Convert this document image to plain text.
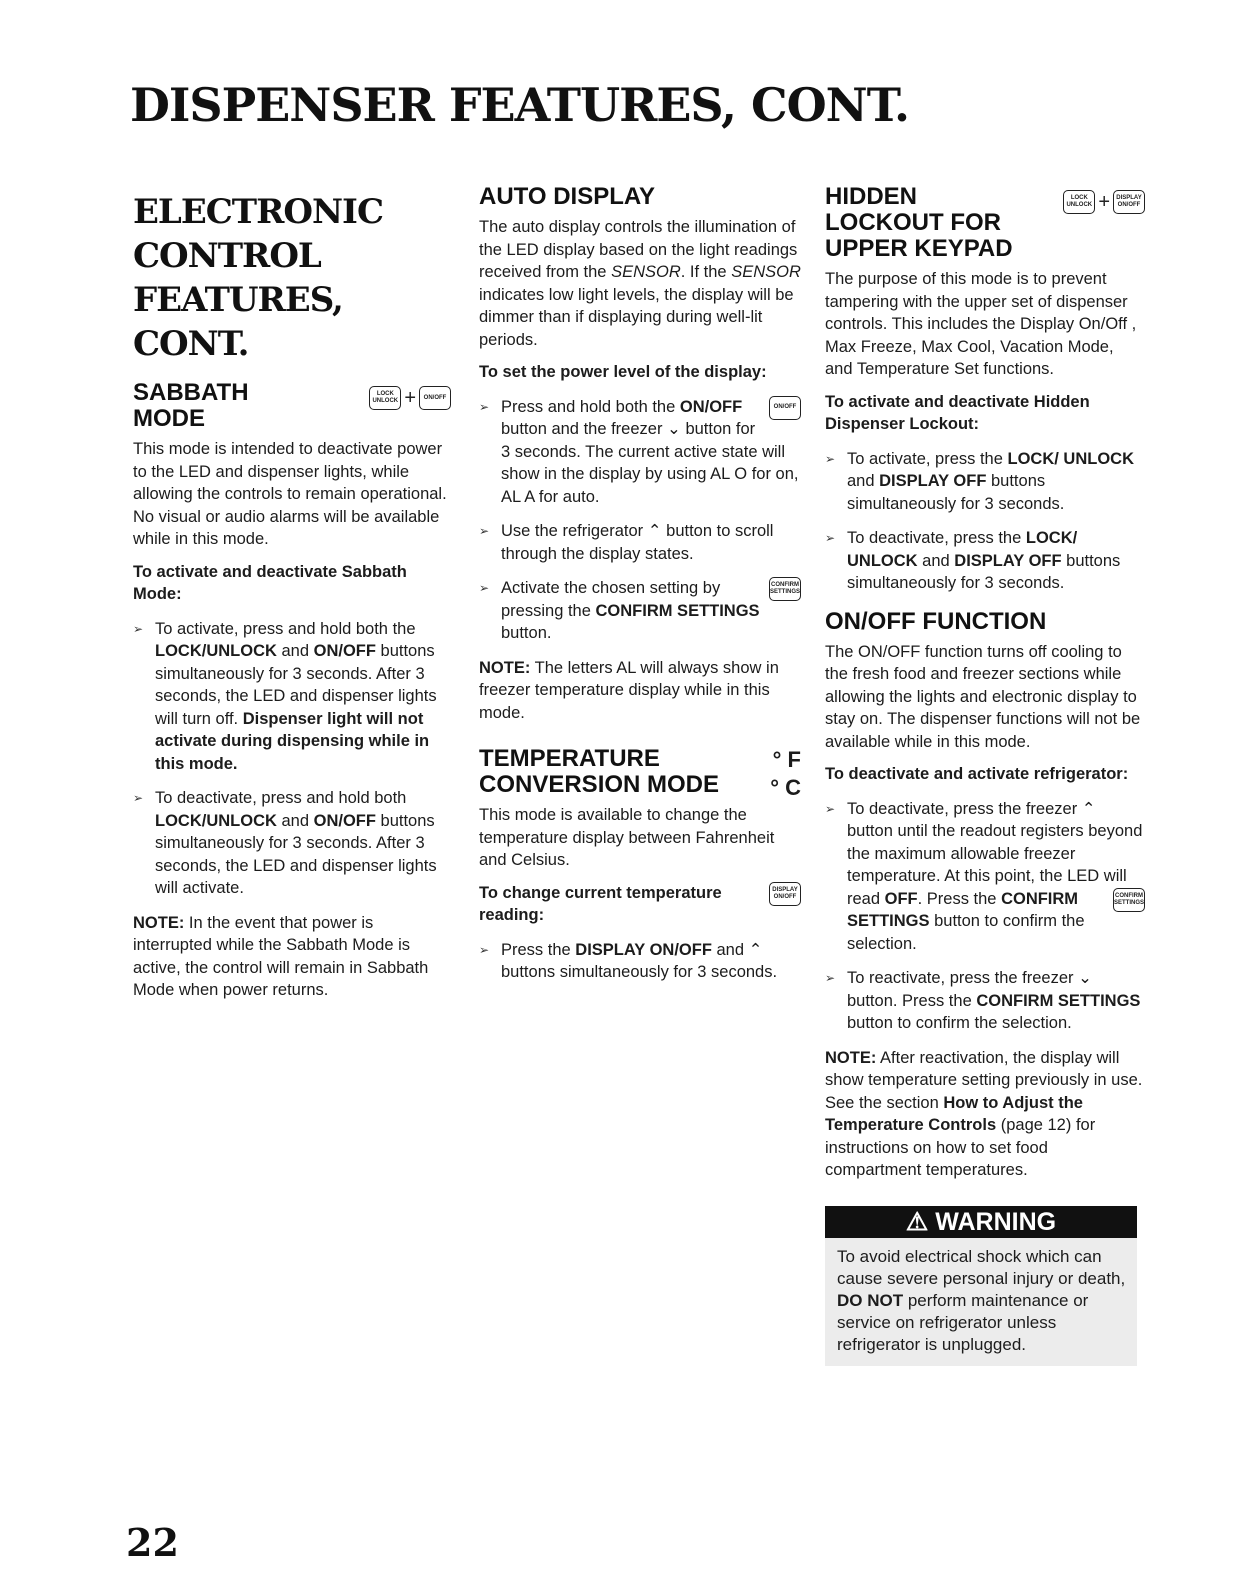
DISPENSER FEATURES, CONT.
ELECTRONIC CONTROL FEATURES, CONT.
SABBATH MODE
LOCK UNLOCK +	ON/OFF

This mode is intended to deactivate power to the LED and dispenser lights, while allowing the controls to remain operational. No visual or audio alarms will be available while in this mode.

To activate and deactivate Sabbath Mode:
➢ To activate, press and hold both the LOCK/UNLOCK and ON/OFF buttons simultaneously for 3 seconds. After 3 seconds, the LED and dispenser lights will turn off. Dispenser light will not activate during dispensing while in this mode.
➢ To deactivate, press and hold both LOCK/UNLOCK and ON/OFF buttons simultaneously for 3 seconds. After 3 seconds, the LED and dispenser lights will activate.

NOTE: In the event that power is interrupted while the Sabbath Mode is active, the control will remain in Sabbath Mode when power returns.

AUTO DISPLAY

The auto display controls the illumination of the LED display based on the light readings received from the SENSOR. If the SENSOR indicates low light levels, the display will be dimmer than if displaying during well-lit periods.

To set the power level of the display:
➢ ON/OFF
Press and hold both the ON/OFF button and the freezer ⌄ button for 3 seconds. The current active state will show in the display by using AL O for on, AL A for auto.
➢ Use the refrigerator ⌃ button to scroll through the display states.
➢ CONFIRM SETTINGS
Activate the chosen setting by pressing the CONFIRM SETTINGS button.

NOTE: The letters AL will always show in freezer temperature display while in this mode.

TEMPERATURE CONVERSION MODE
° F
° C

This mode is available to change the temperature display between Fahrenheit and Celsius.

DISPLAY ON/OFF
To change current temperature reading:
➢ Press the DISPLAY ON/OFF and ⌃ buttons simultaneously for 3 seconds.
HIDDEN LOCKOUT FOR UPPER KEYPAD
LOCK UNLOCK +	DISPLAY ON/OFF

The purpose of this mode is to prevent tampering with the upper set of dispenser controls. This includes the Display On/Off , Max Freeze, Max Cool, Vacation Mode, and Temperature Set functions.

To activate and deactivate Hidden Dispenser Lockout:
➢ To activate, press the LOCK/ UNLOCK and DISPLAY OFF buttons simultaneously for 3 seconds.
➢ To deactivate, press the LOCK/ UNLOCK and DISPLAY OFF buttons simultaneously for 3 seconds.
ON/OFF FUNCTION

The ON/OFF function turns off cooling to the fresh food and freezer sections while allowing the lights and electronic display to stay on. The dispenser functions will not be available while in this mode.

To deactivate and activate refrigerator:
➢ To deactivate, press the freezer ⌃ button until the readout registers beyond the maximum allowable freezer temperature. At this point, the LED will read OFF. Press the	CONFIRM SETTINGS
CONFIRM SETTINGS button to confirm the selection.
➢ To reactivate, press the freezer ⌄ button. Press the CONFIRM SETTINGS button to confirm the selection.

NOTE: After reactivation, the display will show temperature setting previously in use. See the section How to Adjust the Temperature Controls (page 12) for instructions on how to set food compartment temperatures.

⚠ WARNING
To avoid electrical shock which can cause severe personal injury or death, DO NOT perform maintenance or service on refrigerator unless refrigerator is unplugged.
22
